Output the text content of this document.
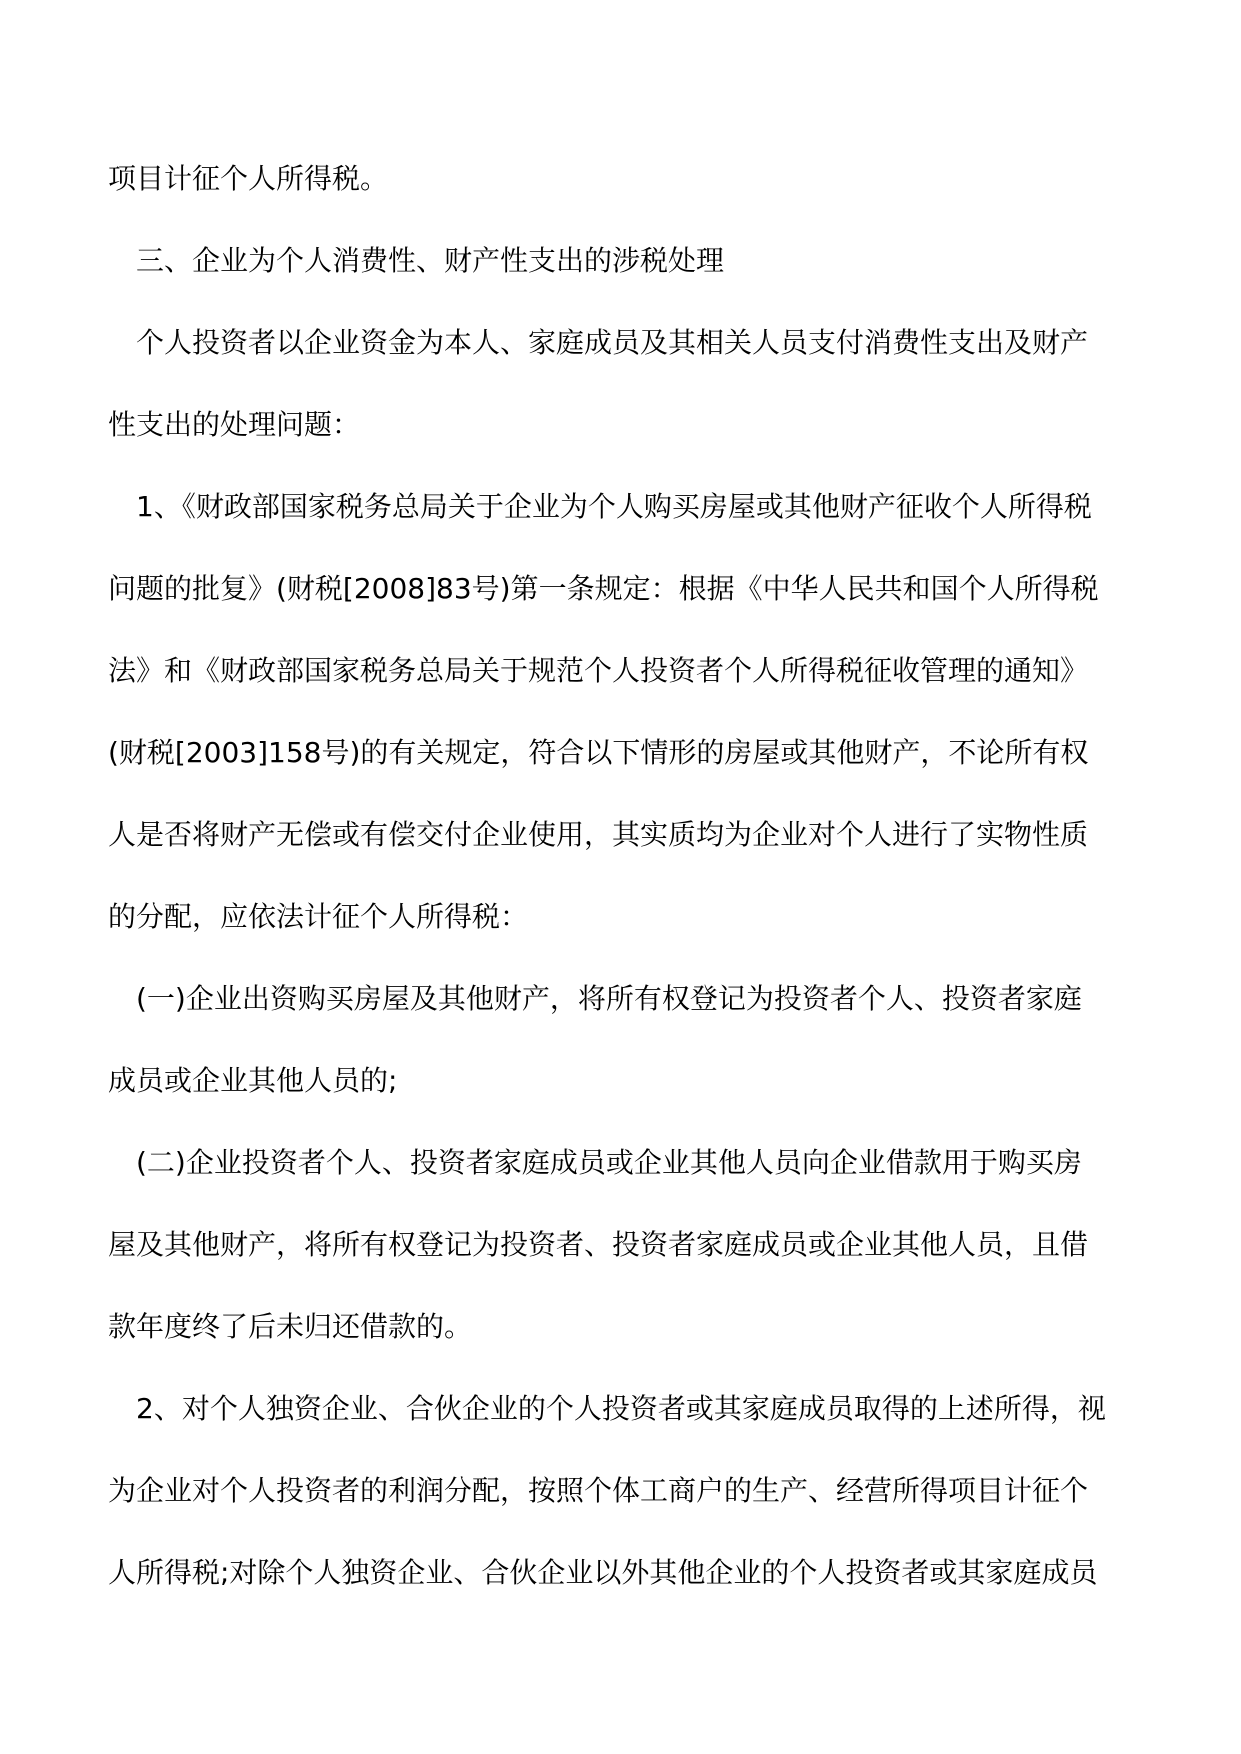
项目计征个人所得税。
三、企业为个人消费性、财产性支出的涉税处理
个人投资者以企业资金为本人、家庭成员及其相关人员支付消费性支出及财产
性支出的处理问题：
1、《财政部国家税务总局关于企业为个人购买房屋或其他财产征收个人所得税
问题的批复》(财税[2008]83号)第一条规定：根据《中华人民共和国个人所得税
法》和《财政部国家税务总局关于规范个人投资者个人所得税征收管理的通知》
(财税[2003]158号)的有关规定，符合以下情形的房屋或其他财产，不论所有权
人是否将财产无偿或有偿交付企业使用，其实质均为企业对个人进行了实物性质
的分配，应依法计征个人所得税：
(一)企业出资购买房屋及其他财产，将所有权登记为投资者个人、投资者家庭
成员或企业其他人员的;
(二)企业投资者个人、投资者家庭成员或企业其他人员向企业借款用于购买房
屋及其他财产，将所有权登记为投资者、投资者家庭成员或企业其他人员，且借
款年度终了后未归还借款的。
2、对个人独资企业、合伙企业的个人投资者或其家庭成员取得的上述所得，视
为企业对个人投资者的利润分配，按照个体工商户的生产、经营所得项目计征个
人所得税;对除个人独资企业、合伙企业以外其他企业的个人投资者或其家庭成员
